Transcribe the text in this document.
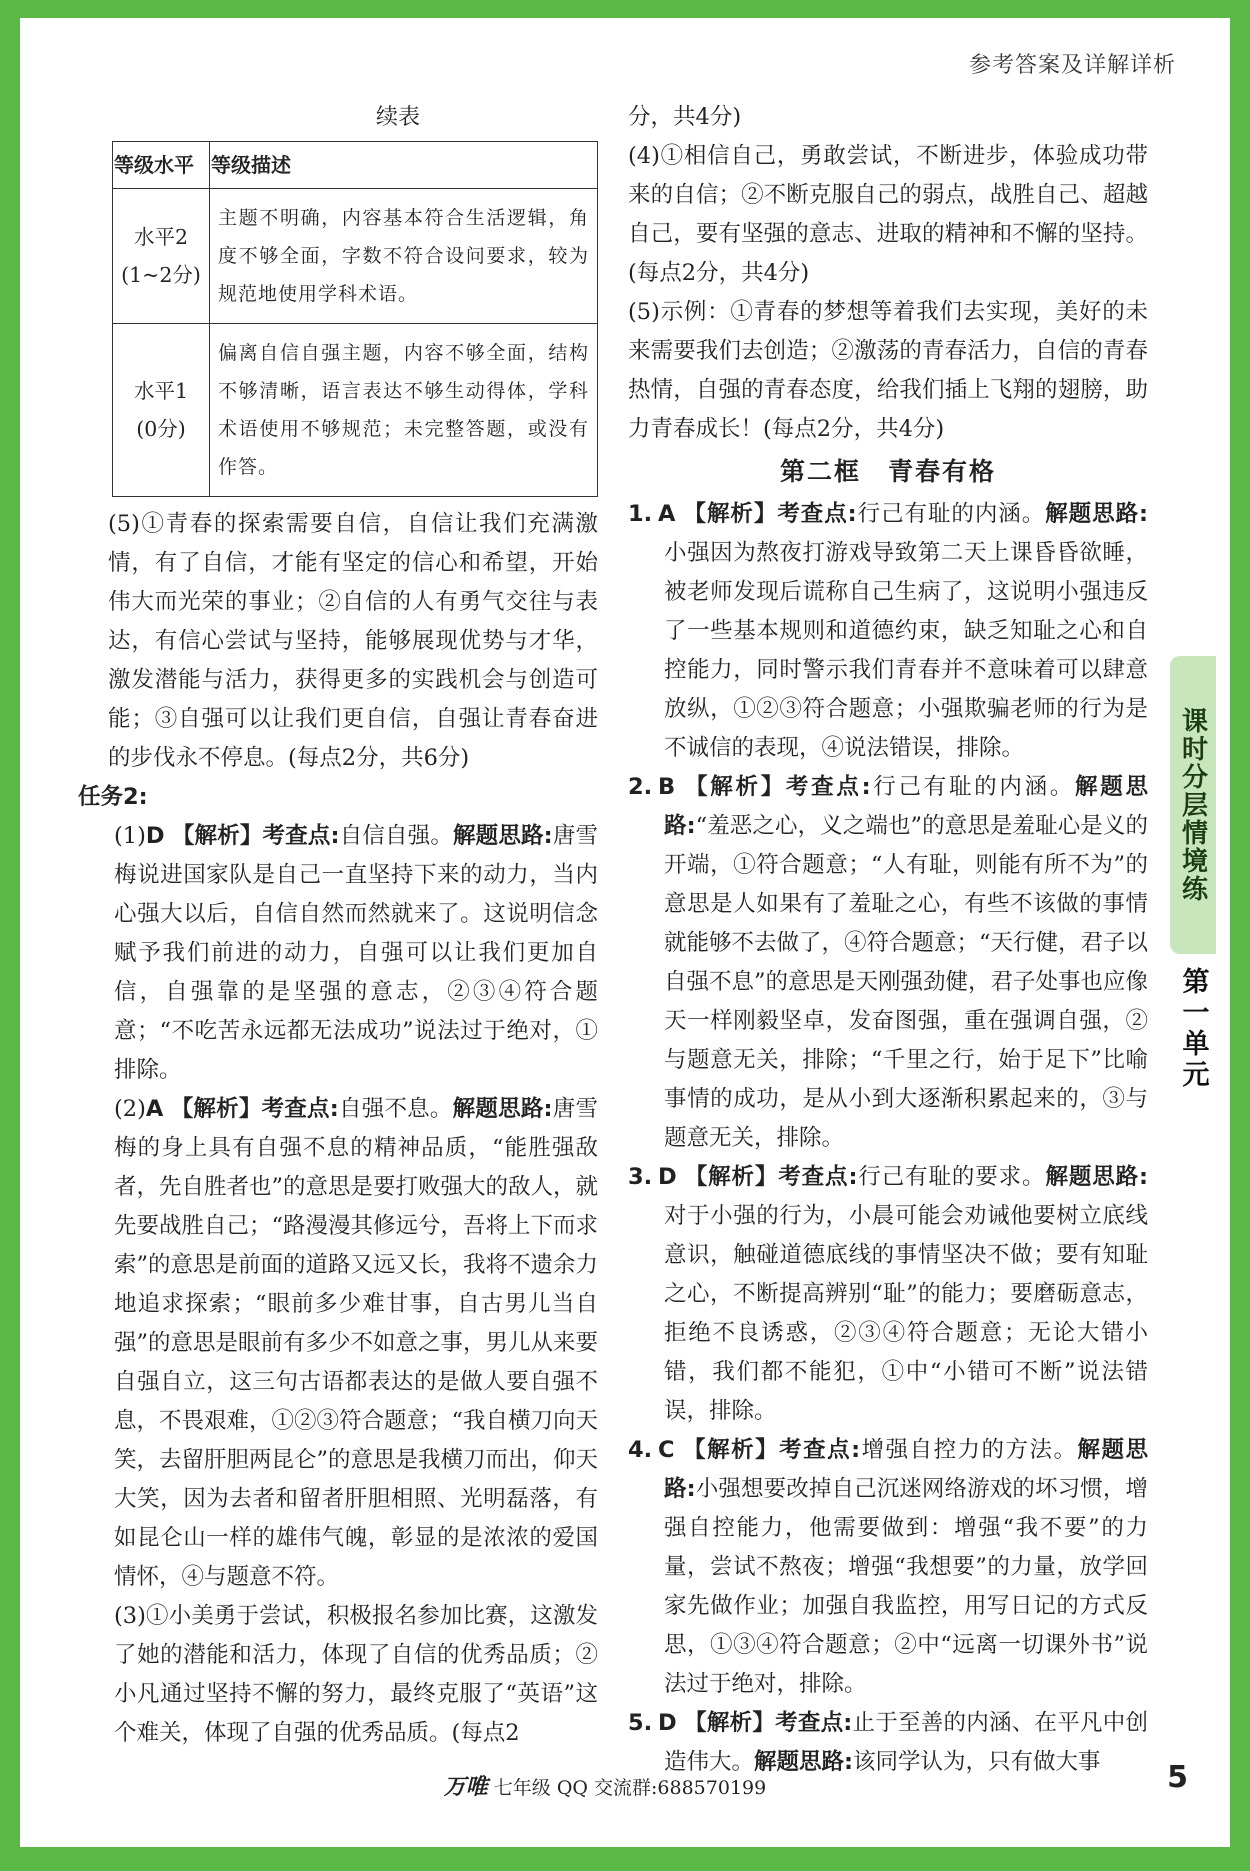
参考答案及详解详析

续表

等级水平	等级描述

水平2
(1~2分)	主题不明确，内容基本符合生活逻辑，角度不够全面，字数不符合设问要求，较为规范地使用学科术语。

水平1
(0分)	偏离自信自强主题，内容不够全面，结构不够清晰，语言表达不够生动得体，学科术语使用不够规范；未完整答题，或没有作答。

(5)①青春的探索需要自信，自信让我们充满激情，有了自信，才能有坚定的信心和希望，开始伟大而光荣的事业；②自信的人有勇气交往与表达，有信心尝试与坚持，能够展现优势与才华，激发潜能与活力，获得更多的实践机会与创造可能；③自强可以让我们更自信，自强让青春奋进的步伐永不停息。(每点2分，共6分)

任务2:

(1)D 【解析】考查点:自信自强。解题思路:唐雪梅说进国家队是自己一直坚持下来的动力，当内心强大以后，自信自然而然就来了。这说明信念赋予我们前进的动力，自强可以让我们更加自信，自强靠的是坚强的意志，②③④符合题意；“不吃苦永远都无法成功”说法过于绝对，①排除。

(2)A 【解析】考查点:自强不息。解题思路:唐雪梅的身上具有自强不息的精神品质，“能胜强敌者，先自胜者也”的意思是要打败强大的敌人，就先要战胜自己；“路漫漫其修远兮，吾将上下而求索”的意思是前面的道路又远又长，我将不遗余力地追求探索；“眼前多少难甘事，自古男儿当自强”的意思是眼前有多少不如意之事，男儿从来要自强自立，这三句古语都表达的是做人要自强不息，不畏艰难，①②③符合题意；“我自横刀向天笑，去留肝胆两昆仑”的意思是我横刀而出，仰天大笑，因为去者和留者肝胆相照、光明磊落，有如昆仑山一样的雄伟气魄，彰显的是浓浓的爱国情怀，④与题意不符。

(3)①小美勇于尝试，积极报名参加比赛，这激发了她的潜能和活力，体现了自信的优秀品质；②小凡通过坚持不懈的努力，最终克服了“英语”这个难关，体现了自强的优秀品质。(每点2

分，共4分)

(4)①相信自己，勇敢尝试，不断进步，体验成功带来的自信；②不断克服自己的弱点，战胜自己、超越自己，要有坚强的意志、进取的精神和不懈的坚持。(每点2分，共4分)

(5)示例：①青春的梦想等着我们去实现，美好的未来需要我们去创造；②激荡的青春活力，自信的青春热情，自强的青春态度，给我们插上飞翔的翅膀，助力青春成长！(每点2分，共4分)

第二框　青春有格

1. A 【解析】考查点:行己有耻的内涵。解题思路:小强因为熬夜打游戏导致第二天上课昏昏欲睡，被老师发现后谎称自己生病了，这说明小强违反了一些基本规则和道德约束，缺乏知耻之心和自控能力，同时警示我们青春并不意味着可以肆意放纵，①②③符合题意；小强欺骗老师的行为是不诚信的表现，④说法错误，排除。

2. B 【解析】考查点:行己有耻的内涵。解题思路:“羞恶之心，义之端也”的意思是羞耻心是义的开端，①符合题意；“人有耻，则能有所不为”的意思是人如果有了羞耻之心，有些不该做的事情就能够不去做了，④符合题意；“天行健，君子以自强不息”的意思是天刚强劲健，君子处事也应像天一样刚毅坚卓，发奋图强，重在强调自强，②与题意无关，排除；“千里之行，始于足下”比喻事情的成功，是从小到大逐渐积累起来的，③与题意无关，排除。

3. D 【解析】考查点:行己有耻的要求。解题思路:对于小强的行为，小晨可能会劝诫他要树立底线意识，触碰道德底线的事情坚决不做；要有知耻之心，不断提高辨别“耻”的能力；要磨砺意志，拒绝不良诱惑，②③④符合题意；无论大错小错，我们都不能犯，①中“小错可不断”说法错误，排除。

4. C 【解析】考查点:增强自控力的方法。解题思路:小强想要改掉自己沉迷网络游戏的坏习惯，增强自控能力，他需要做到：增强“我不要”的力量，尝试不熬夜；增强“我想要”的力量，放学回家先做作业；加强自我监控，用写日记的方式反思，①③④符合题意；②中“远离一切课外书”说法过于绝对，排除。

5. D 【解析】考查点:止于至善的内涵、在平凡中创造伟大。解题思路:该同学认为，只有做大事

课时分层情境练
第一单元
万唯 七年级 QQ 交流群:688570199	5
